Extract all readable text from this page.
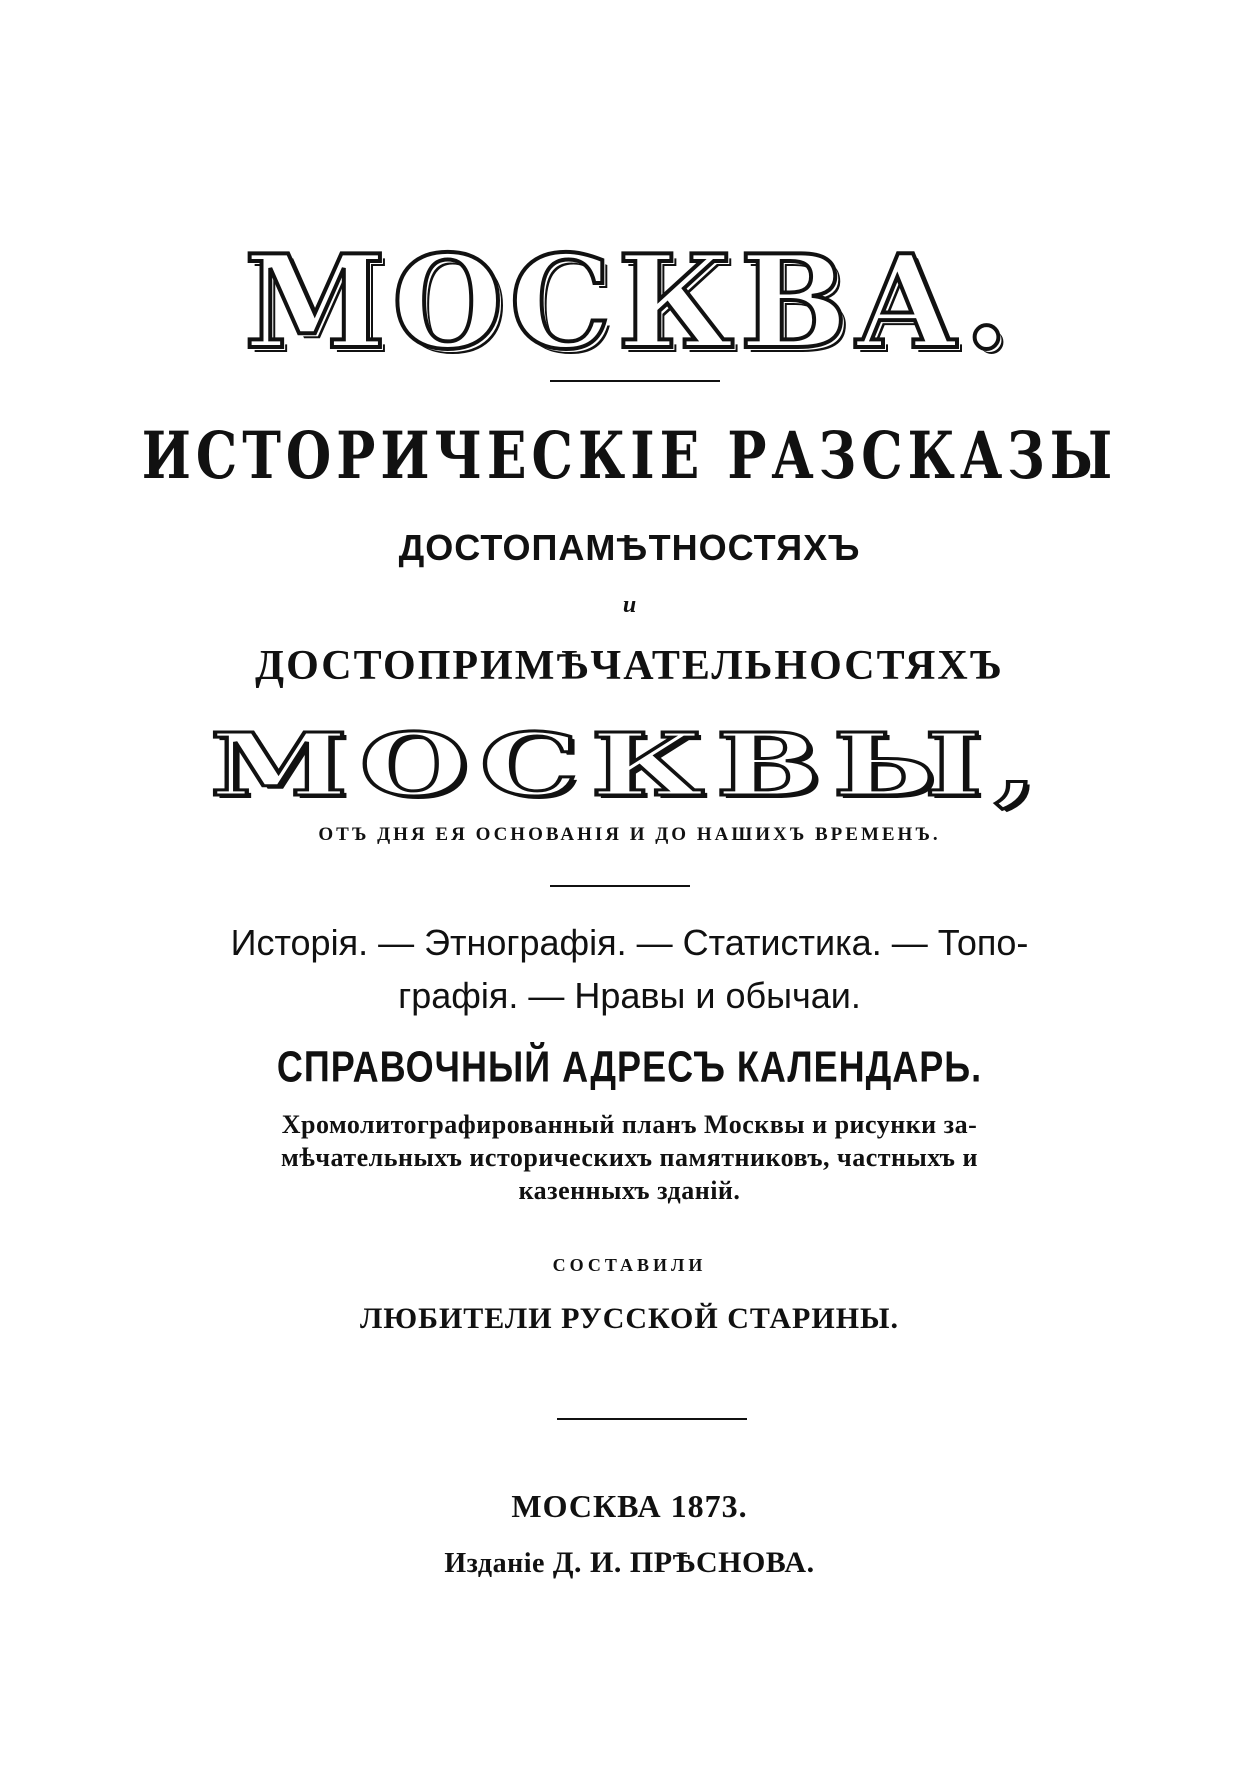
МОСКВА.
ИСТОРИЧЕСКІЕ РАЗСКАЗЫ
ДОСТОПАМѢТНОСТЯХЪ
и
ДОСТОПРИМѢЧАТЕЛЬНОСТЯХЪ
МОСКВЫ,
ОТЪ ДНЯ ЕЯ ОСНОВАНІЯ И ДО НАШИХЪ ВРЕМЕНЪ.
Исторія. — Этнографія. — Статистика. — Топо-
графія. — Нравы и обычаи.
СПРАВОЧНЫЙ АДРЕСЪ КАЛЕНДАРЬ.
Хромолитографированный планъ Москвы и рисунки за-
мѣчательныхъ историческихъ памятниковъ, частныхъ и
казенныхъ зданій.
СОСТАВИЛИ
ЛЮБИТЕЛИ РУССКОЙ СТАРИНЫ.
МОСКВА 1873.
Изданіе Д. И. ПРѢСНОВА.
